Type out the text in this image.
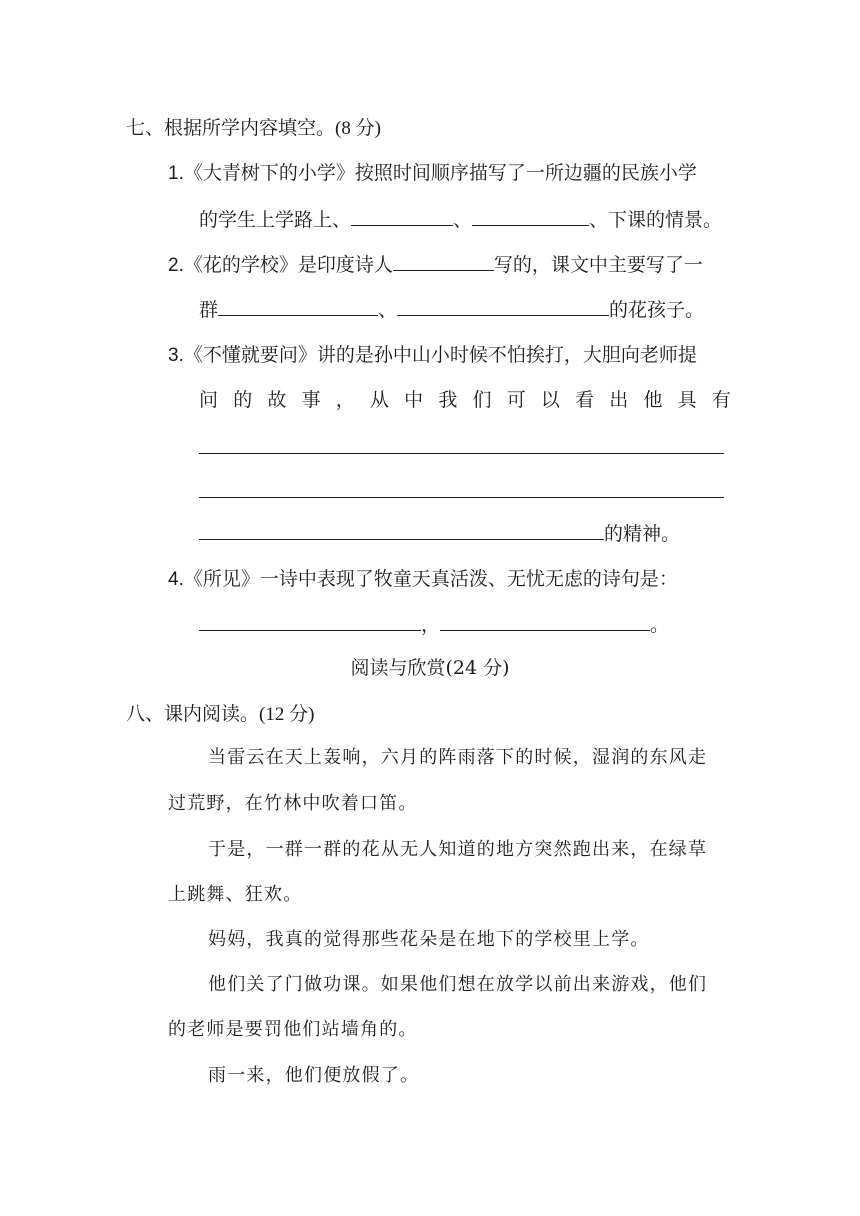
七、根据所学内容填空。(8 分)
1.《大青树下的小学》按照时间顺序描写了一所边疆的民族小学
的学生上学路上、	、	、下课的情景。
2.《花的学校》是印度诗人	写的，课文中主要写了一
群	、	的花孩子。
3.《不懂就要问》讲的是孙中山小时候不怕挨打，大胆向老师提
问 的 故 事 ， 从 中 我 们 可 以 看 出 他 具 有
的精神。
4.《所见》一诗中表现了牧童天真活泼、无忧无虑的诗句是：
，	。
阅读与欣赏(24 分)
八、课内阅读。(12 分)
当雷云在天上轰响，六月的阵雨落下的时候，湿润的东风走
过荒野，在竹林中吹着口笛。
于是，一群一群的花从无人知道的地方突然跑出来，在绿草
上跳舞、狂欢。
妈妈，我真的觉得那些花朵是在地下的学校里上学。
他们关了门做功课。如果他们想在放学以前出来游戏，他们
的老师是要罚他们站墙角的。
雨一来，他们便放假了。
